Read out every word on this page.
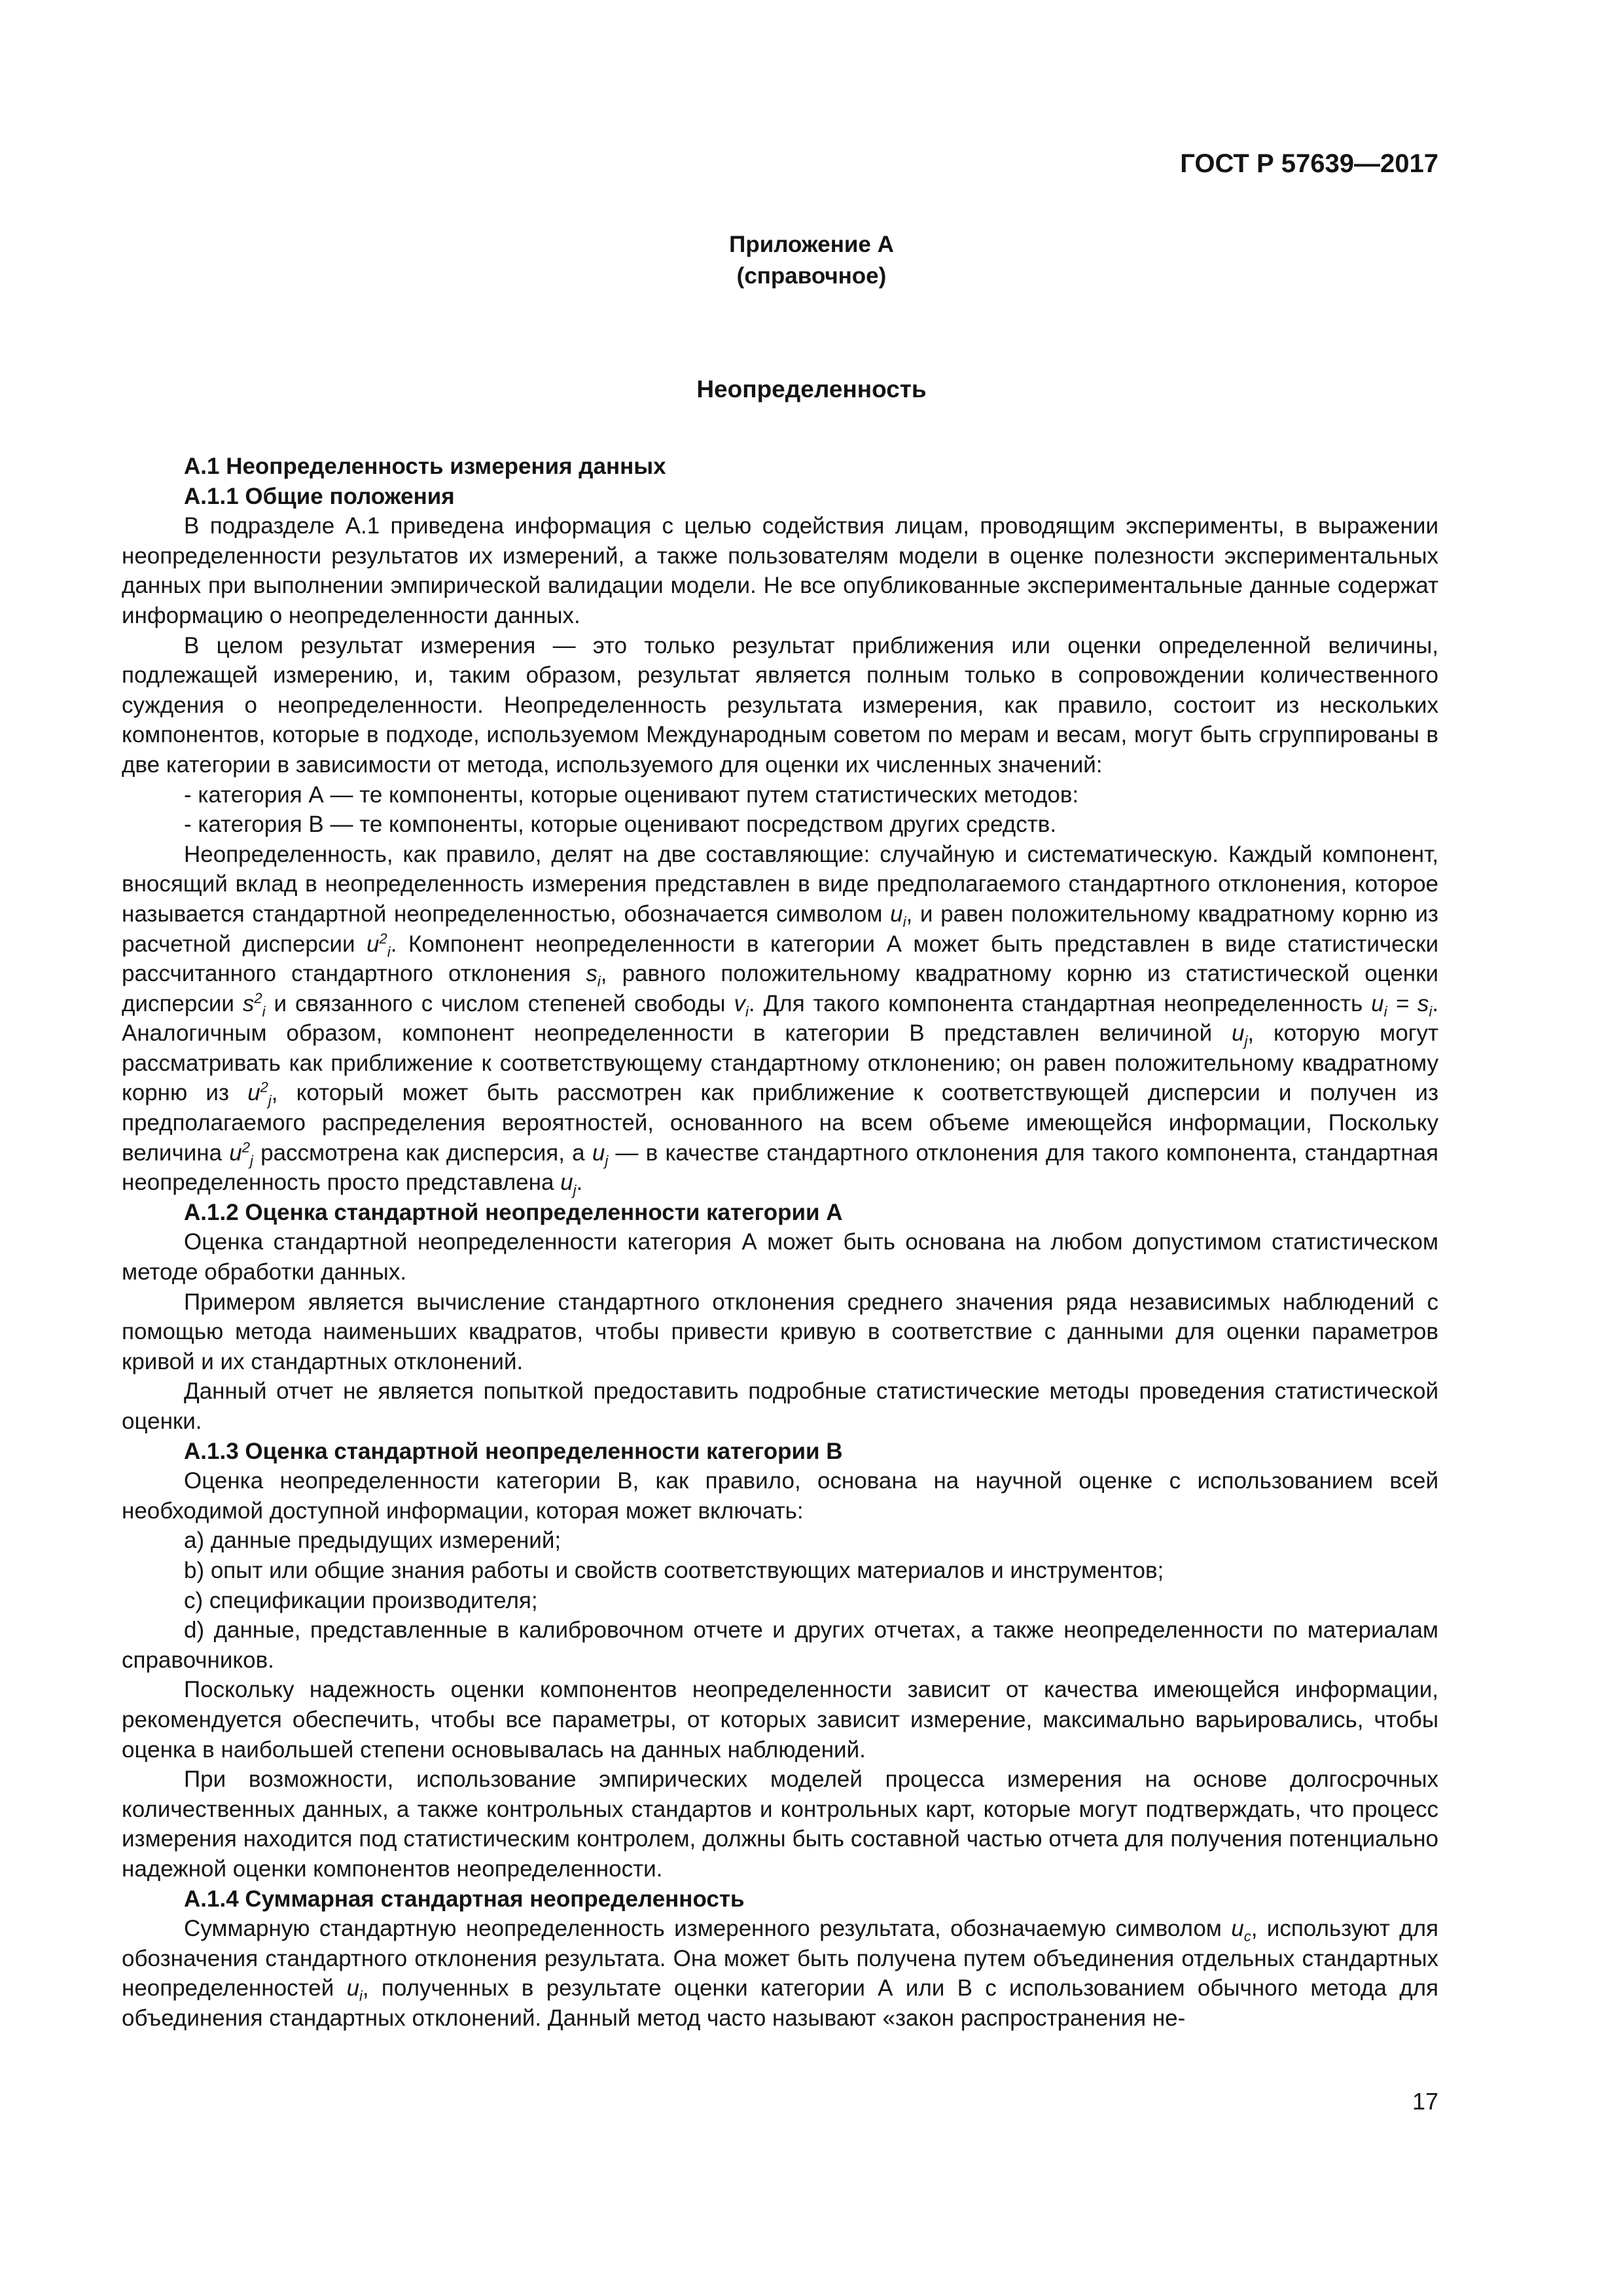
ГОСТ Р 57639—2017

Приложение А
(справочное)

Неопределенность

А.1 Неопределенность измерения данных
А.1.1 Общие положения

В подразделе А.1 приведена информация с целью содействия лицам, проводящим эксперименты, в выражении неопределенности результатов их измерений, а также пользователям модели в оценке полезности экспериментальных данных при выполнении эмпирической валидации модели. Не все опубликованные экспериментальные данные содержат информацию о неопределенности данных.

В целом результат измерения — это только результат приближения или оценки определенной величины, подлежащей измерению, и, таким образом, результат является полным только в сопровождении количественного суждения о неопределенности. Неопределенность результата измерения, как правило, состоит из нескольких компонентов, которые в подходе, используемом Международным советом по мерам и весам, могут быть сгруппированы в две категории в зависимости от метода, используемого для оценки их численных значений:

- категория А — те компоненты, которые оценивают путем статистических методов:

- категория В — те компоненты, которые оценивают посредством других средств.

Неопределенность, как правило, делят на две составляющие: случайную и систематическую. Каждый компонент, вносящий вклад в неопределенность измерения представлен в виде предполагаемого стандартного отклонения, которое называется стандартной неопределенностью, обозначается символом $u_i$, и равен положительному квадратному корню из расчетной дисперсии $u^2_i$. Компонент неопределенности в категории А может быть представлен в виде статистически рассчитанного стандартного отклонения $s_i$, равного положительному квадратному корню из статистической оценки дисперсии $s^2_i$ и связанного с числом степеней свободы $v_i$. Для такого компонента стандартная неопределенность $u_i = s_i$. Аналогичным образом, компонент неопределенности в категории В представлен величиной $u_j$, которую могут рассматривать как приближение к соответствующему стандартному отклонению; он равен положительному квадратному корню из $u^2_j$, который может быть рассмотрен как приближение к соответствующей дисперсии и получен из предполагаемого распределения вероятностей, основанного на всем объеме имеющейся информации, Поскольку величина $u^2_j$ рассмотрена как дисперсия, а $u_j$ — в качестве стандартного отклонения для такого компонента, стандартная неопределенность просто представлена $u_j$.

А.1.2 Оценка стандартной неопределенности категории А

Оценка стандартной неопределенности категория А может быть основана на любом допустимом статистическом методе обработки данных.

Примером является вычисление стандартного отклонения среднего значения ряда независимых наблюдений с помощью метода наименьших квадратов, чтобы привести кривую в соответствие с данными для оценки параметров кривой и их стандартных отклонений.

Данный отчет не является попыткой предоставить подробные статистические методы проведения статистической оценки.

А.1.3 Оценка стандартной неопределенности категории В

Оценка неопределенности категории В, как правило, основана на научной оценке с использованием всей необходимой доступной информации, которая может включать:

а) данные предыдущих измерений;

b) опыт или общие знания работы и свойств соответствующих материалов и инструментов;

c) спецификации производителя;

d) данные, представленные в калибровочном отчете и других отчетах, а также неопределенности по материалам справочников.

Поскольку надежность оценки компонентов неопределенности зависит от качества имеющейся информации, рекомендуется обеспечить, чтобы все параметры, от которых зависит измерение, максимально варьировались, чтобы оценка в наибольшей степени основывалась на данных наблюдений.

При возможности, использование эмпирических моделей процесса измерения на основе долгосрочных количественных данных, а также контрольных стандартов и контрольных карт, которые могут подтверждать, что процесс измерения находится под статистическим контролем, должны быть составной частью отчета для получения потенциально надежной оценки компонентов неопределенности.

А.1.4 Суммарная стандартная неопределенность

Суммарную стандартную неопределенность измеренного результата, обозначаемую символом $u_c$, используют для обозначения стандартного отклонения результата. Она может быть получена путем объединения отдельных стандартных неопределенностей $u_i$, полученных в результате оценки категории А или В с использованием обычного метода для объединения стандартных отклонений. Данный метод часто называют «закон распространения не-

17
